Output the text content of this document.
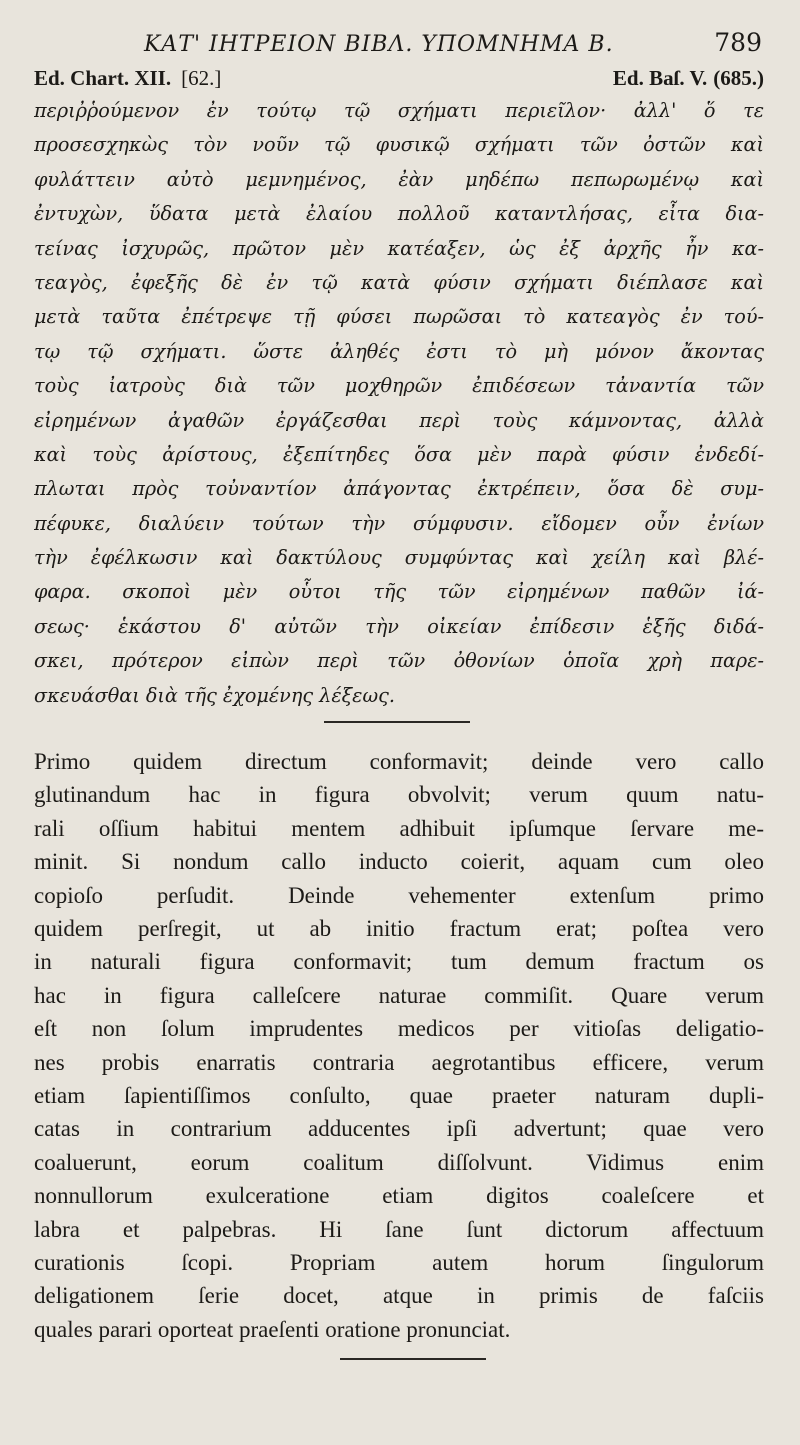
ΚΑΤ' ΙΗΤΡΕΙΟΝ ΒΙΒΛ. ΥΠΟΜΝΗΜΑ Β.	789
Ed. Chart. XII. [62.]	Ed. Baſ. V. (685.)
περιῤῥούμενον ἐν τούτῳ τῷ σχήματι περιεῖλον· ἀλλ' ὅ τε
προσεσχηκὼς τὸν νοῦν τῷ φυσικῷ σχήματι τῶν ὀστῶν καὶ
φυλάττειν αὐτὸ μεμνημένος, ἐὰν μηδέπω πεπωρωμένῳ καὶ
ἐντυχὼν, ὕδατα μετὰ ἐλαίου πολλοῦ καταντλήσας, εἶτα δια-
τείνας ἰσχυρῶς, πρῶτον μὲν κατέαξεν, ὡς ἐξ ἀρχῆς ἦν κα-
τεαγὸς, ἐφεξῆς δὲ ἐν τῷ κατὰ φύσιν σχήματι διέπλασε καὶ
μετὰ ταῦτα ἐπέτρεψε τῇ φύσει πωρῶσαι τὸ κατεαγὸς ἐν τού-
τῳ τῷ σχήματι. ὥστε ἀληθές ἐστι τὸ μὴ μόνον ἄκοντας
τοὺς ἰατροὺς διὰ τῶν μοχθηρῶν ἐπιδέσεων τἀναντία τῶν
εἰρημένων ἀγαθῶν ἐργάζεσθαι περὶ τοὺς κάμνοντας, ἀλλὰ
καὶ τοὺς ἀρίστους, ἐξεπίτηδες ὅσα μὲν παρὰ φύσιν ἐνδεδί-
πλωται πρὸς τοὐναντίον ἀπάγοντας ἐκτρέπειν, ὅσα δὲ συμ-
πέφυκε, διαλύειν τούτων τὴν σύμφυσιν. εἴδομεν οὖν ἐνίων
τὴν ἐφέλκωσιν καὶ δακτύλους συμφύντας καὶ χείλη καὶ βλέ-
φαρα. σκοποὶ μὲν οὗτοι τῆς τῶν εἰρημένων παθῶν ἰά-
σεως· ἑκάστου δ' αὐτῶν τὴν οἰκείαν ἐπίδεσιν ἑξῆς διδά-
σκει, πρότερον εἰπὼν περὶ τῶν ὀθονίων ὁποῖα χρὴ παρε-
σκευάσθαι διὰ τῆς ἐχομένης λέξεως.
Primo quidem directum conformavit; deinde vero callo
glutinandum hac in figura obvolvit; verum quum natu-
rali oſſium habitui mentem adhibuit ipſumque ſervare me-
minit. Si nondum callo inducto coierit, aquam cum oleo
copioſo perſudit. Deinde vehementer extenſum primo
quidem perſregit, ut ab initio fractum erat; poſtea vero
in naturali figura conformavit; tum demum fractum os
hac in figura calleſcere naturae commiſit. Quare verum
eſt non ſolum imprudentes medicos per vitioſas deligatio-
nes probis enarratis contraria aegrotantibus efficere, verum
etiam ſapientiſſimos conſulto, quae praeter naturam dupli-
catas in contrarium adducentes ipſi advertunt; quae vero
coaluerunt, eorum coalitum diſſolvunt. Vidimus enim
nonnullorum exulceratione etiam digitos coaleſcere et
labra et palpebras. Hi ſane ſunt dictorum affectuum
curationis ſcopi. Propriam autem horum ſingulorum
deligationem ſerie docet, atque in primis de faſciis
quales parari oporteat praeſenti oratione pronunciat.
